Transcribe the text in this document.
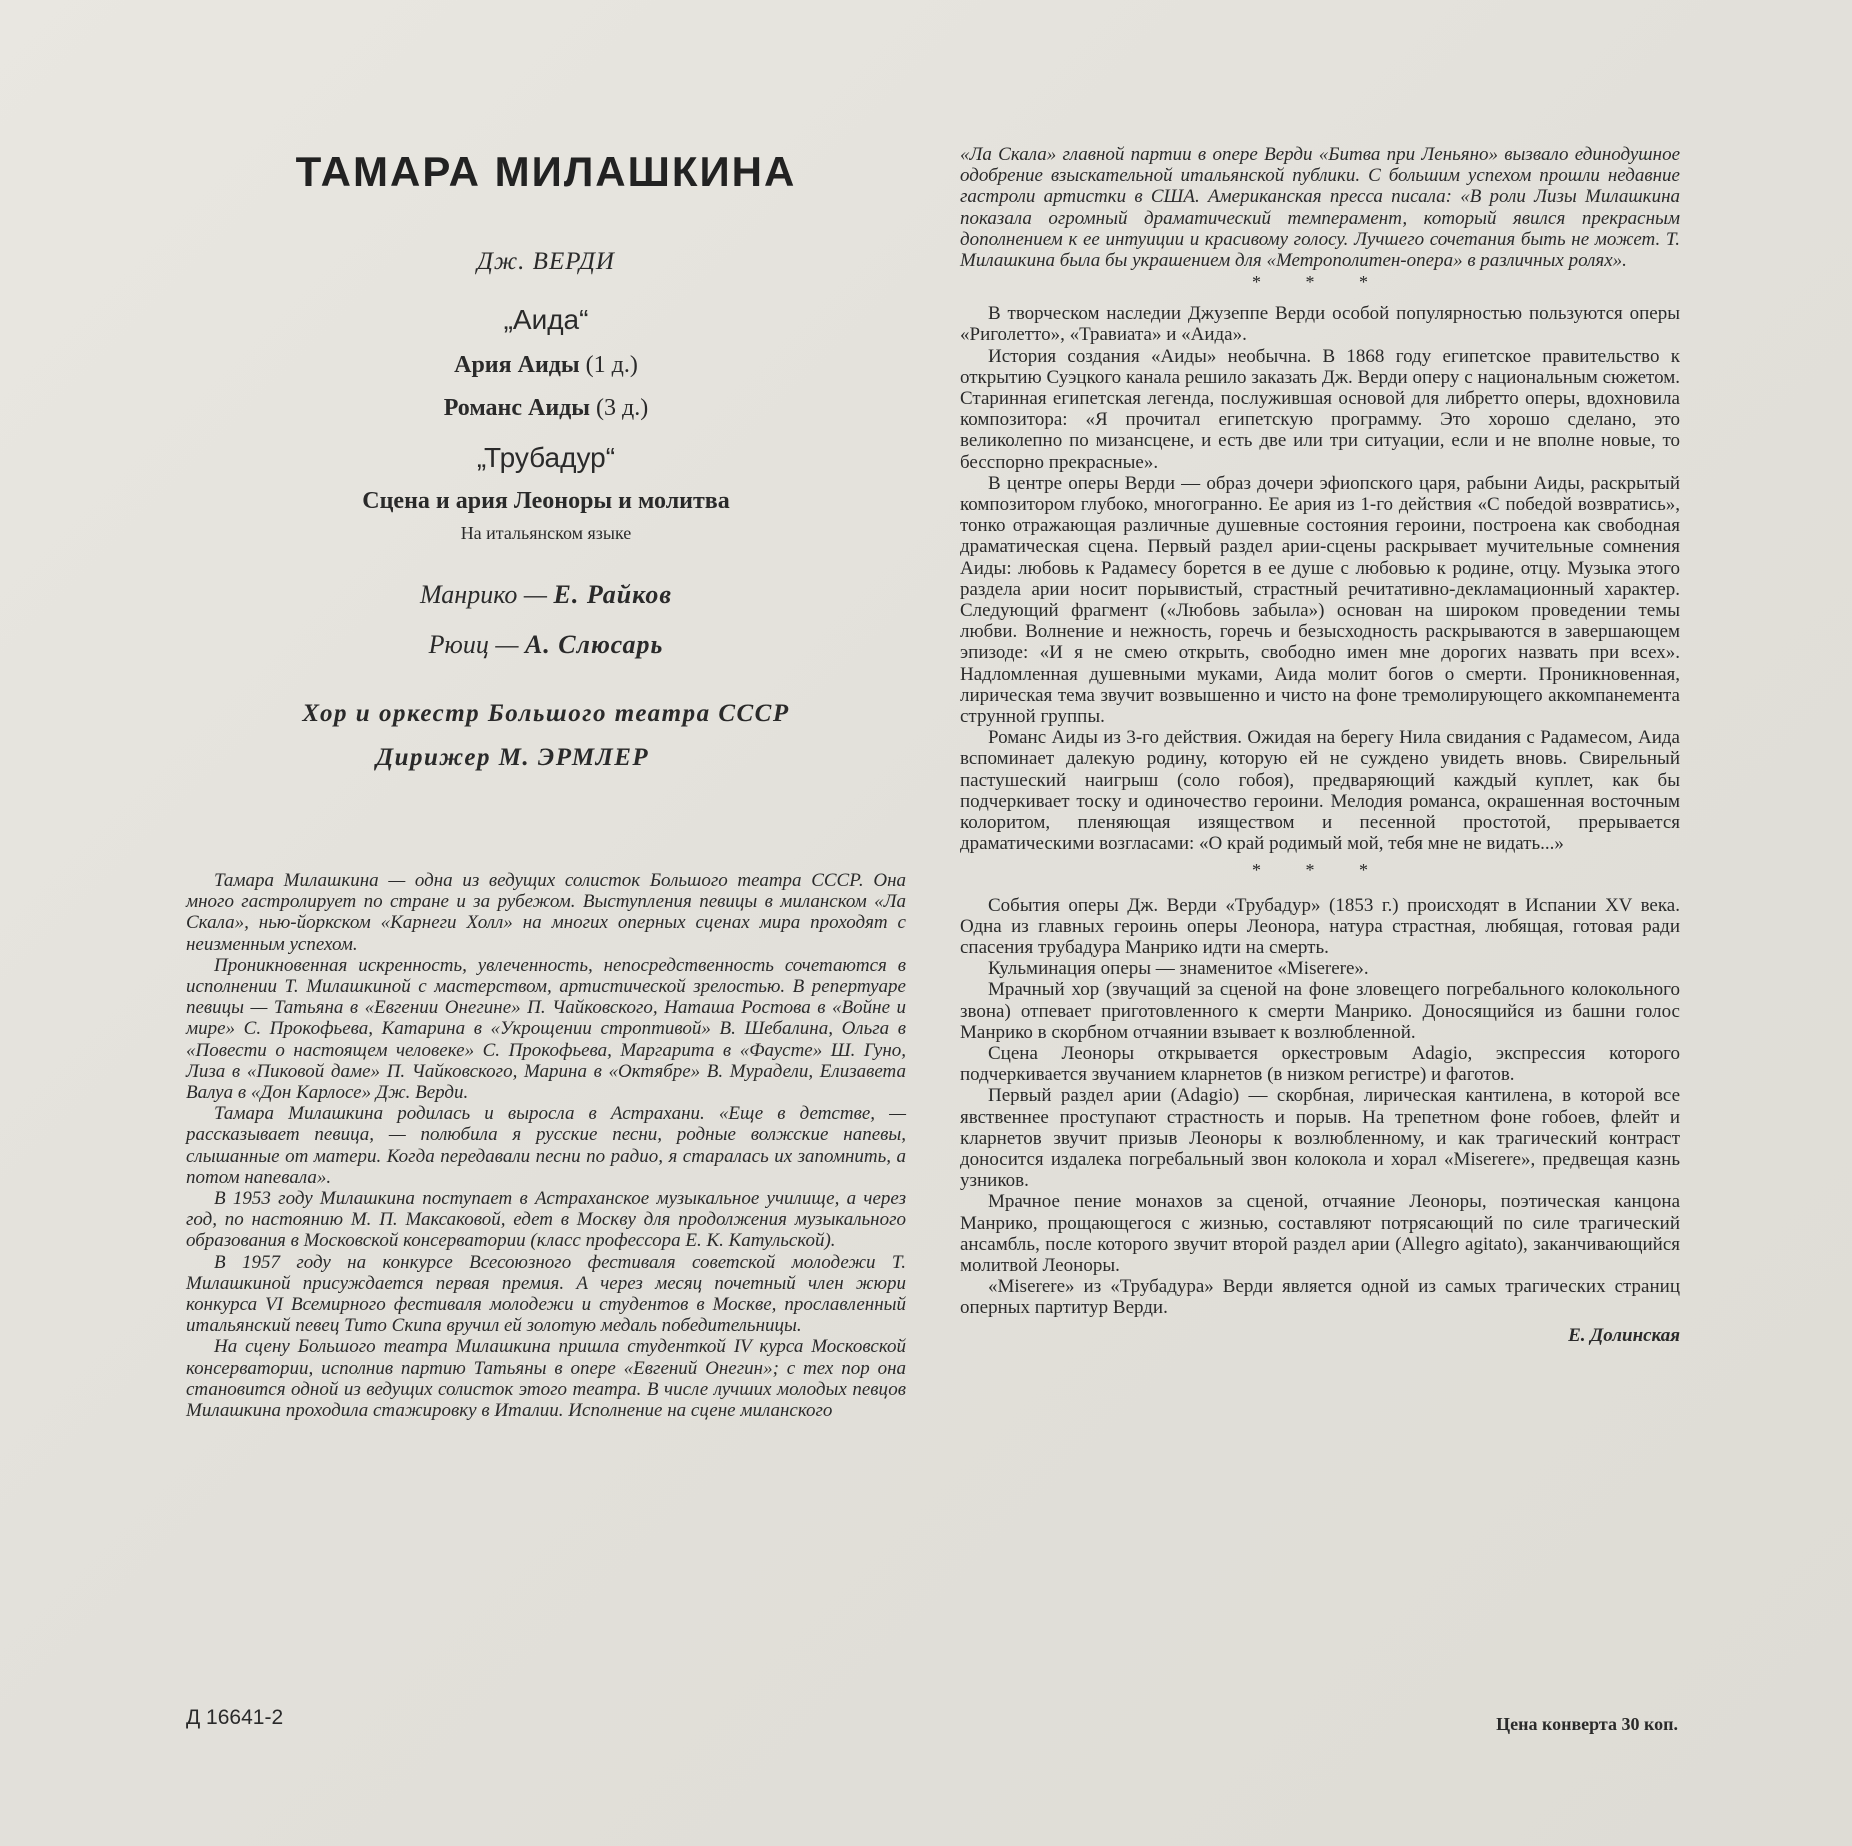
ТАМАРА МИЛАШКИНА
Дж. ВЕРДИ
„Аида“
Ария Аиды (1 д.)
Романс Аиды (3 д.)
„Трубадур“
Сцена и ария Леоноры и молитва
На итальянском языке
Манрико — Е. Райков
Рюиц — А. Слюсарь
Хор и оркестр Большого театра СССР
Дирижер М. ЭРМЛЕР

Тамара Милашкина — одна из ведущих солисток Большого театра СССР. Она много гастролирует по стране и за рубежом. Выступления певицы в миланском «Ла Скала», нью-йоркском «Карнеги Холл» на многих оперных сценах мира проходят с неизменным успехом.

Проникновенная искренность, увлеченность, непосредственность сочетаются в исполнении Т. Милашкиной с мастерством, артистической зрелостью. В репертуаре певицы — Татьяна в «Евгении Онегине» П. Чайковского, Наташа Ростова в «Войне и мире» С. Прокофьева, Катарина в «Укрощении строптивой» В. Шебалина, Ольга в «Повести о настоящем человеке» С. Прокофьева, Маргарита в «Фаусте» Ш. Гуно, Лиза в «Пиковой даме» П. Чайковского, Марина в «Октябре» В. Мурадели, Елизавета Валуа в «Дон Карлосе» Дж. Верди.

Тамара Милашкина родилась и выросла в Астрахани. «Еще в детстве, — рассказывает певица, — полюбила я русские песни, родные волжские напевы, слышанные от матери. Когда передавали песни по радио, я старалась их запомнить, а потом напевала».

В 1953 году Милашкина поступает в Астраханское музыкальное училище, а через год, по настоянию М. П. Максаковой, едет в Москву для продолжения музыкального образования в Московской консерватории (класс профессора Е. К. Катульской).

В 1957 году на конкурсе Всесоюзного фестиваля советской молодежи Т. Милашкиной присуждается первая премия. А через месяц почетный член жюри конкурса VI Всемирного фестиваля молодежи и студентов в Москве, прославленный итальянский певец Тито Скипа вручил ей золотую медаль победительницы.

На сцену Большого театра Милашкина пришла студенткой IV курса Московской консерватории, исполнив партию Татьяны в опере «Евгений Онегин»; с тех пор она становится одной из ведущих солисток этого театра. В числе лучших молодых певцов Милашкина проходила стажировку в Италии. Исполнение на сцене миланского

«Ла Скала» главной партии в опере Верди «Битва при Леньяно» вызвало единодушное одобрение взыскательной итальянской публики. С большим успехом прошли недавние гастроли артистки в США. Американская пресса писала: «В роли Лизы Милашкина показала огромный драматический темперамент, который явился прекрасным дополнением к ее интуиции и красивому голосу. Лучшего сочетания быть не может. Т. Милашкина была бы украшением для «Метрополитен-опера» в различных ролях».

* * *

В творческом наследии Джузеппе Верди особой популярностью пользуются оперы «Риголетто», «Травиата» и «Аида».

История создания «Аиды» необычна. В 1868 году египетское правительство к открытию Суэцкого канала решило заказать Дж. Верди оперу с национальным сюжетом. Старинная египетская легенда, послужившая основой для либретто оперы, вдохновила композитора: «Я прочитал египетскую программу. Это хорошо сделано, это великолепно по мизансцене, и есть две или три ситуации, если и не вполне новые, то бесспорно прекрасные».

В центре оперы Верди — образ дочери эфиопского царя, рабыни Аиды, раскрытый композитором глубоко, многогранно. Ее ария из 1-го действия «С победой возвратись», тонко отражающая различные душевные состояния героини, построена как свободная драматическая сцена. Первый раздел арии-сцены раскрывает мучительные сомнения Аиды: любовь к Радамесу борется в ее душе с любовью к родине, отцу. Музыка этого раздела арии носит порывистый, страстный речитативно-декламационный характер. Следующий фрагмент («Любовь забыла») основан на широком проведении темы любви. Волнение и нежность, горечь и безысходность раскрываются в завершающем эпизоде: «И я не смею открыть, свободно имен мне дорогих назвать при всех». Надломленная душевными муками, Аида молит богов о смерти. Проникновенная, лирическая тема звучит возвышенно и чисто на фоне тремолирующего аккомпанемента струнной группы.

Романс Аиды из 3-го действия. Ожидая на берегу Нила свидания с Радамесом, Аида вспоминает далекую родину, которую ей не суждено увидеть вновь. Свирельный пастушеский наигрыш (соло гобоя), предваряющий каждый куплет, как бы подчеркивает тоску и одиночество героини. Мелодия романса, окрашенная восточным колоритом, пленяющая изяществом и песенной простотой, прерывается драматическими возгласами: «О край родимый мой, тебя мне не видать...»

* * *

События оперы Дж. Верди «Трубадур» (1853 г.) происходят в Испании XV века. Одна из главных героинь оперы Леонора, натура страстная, любящая, готовая ради спасения трубадура Манрико идти на смерть.

Кульминация оперы — знаменитое «Miserere».

Мрачный хор (звучащий за сценой на фоне зловещего погребального колокольного звона) отпевает приготовленного к смерти Манрико. Доносящийся из башни голос Манрико в скорбном отчаянии взывает к возлюбленной.

Сцена Леоноры открывается оркестровым Adagio, экспрессия которого подчеркивается звучанием кларнетов (в низком регистре) и фаготов.

Первый раздел арии (Adagio) — скорбная, лирическая кантилена, в которой все явственнее проступают страстность и порыв. На трепетном фоне гобоев, флейт и кларнетов звучит призыв Леоноры к возлюбленному, и как трагический контраст доносится издалека погребальный звон колокола и хорал «Miserere», предвещая казнь узников.

Мрачное пение монахов за сценой, отчаяние Леоноры, поэтическая канцона Манрико, прощающегося с жизнью, составляют потрясающий по силе трагический ансамбль, после которого звучит второй раздел арии (Allegro agitato), заканчивающийся молитвой Леоноры.

«Miserere» из «Трубадура» Верди является одной из самых трагических страниц оперных партитур Верди.

Е. Долинская
Д 16641-2	Цена конверта 30 коп.
